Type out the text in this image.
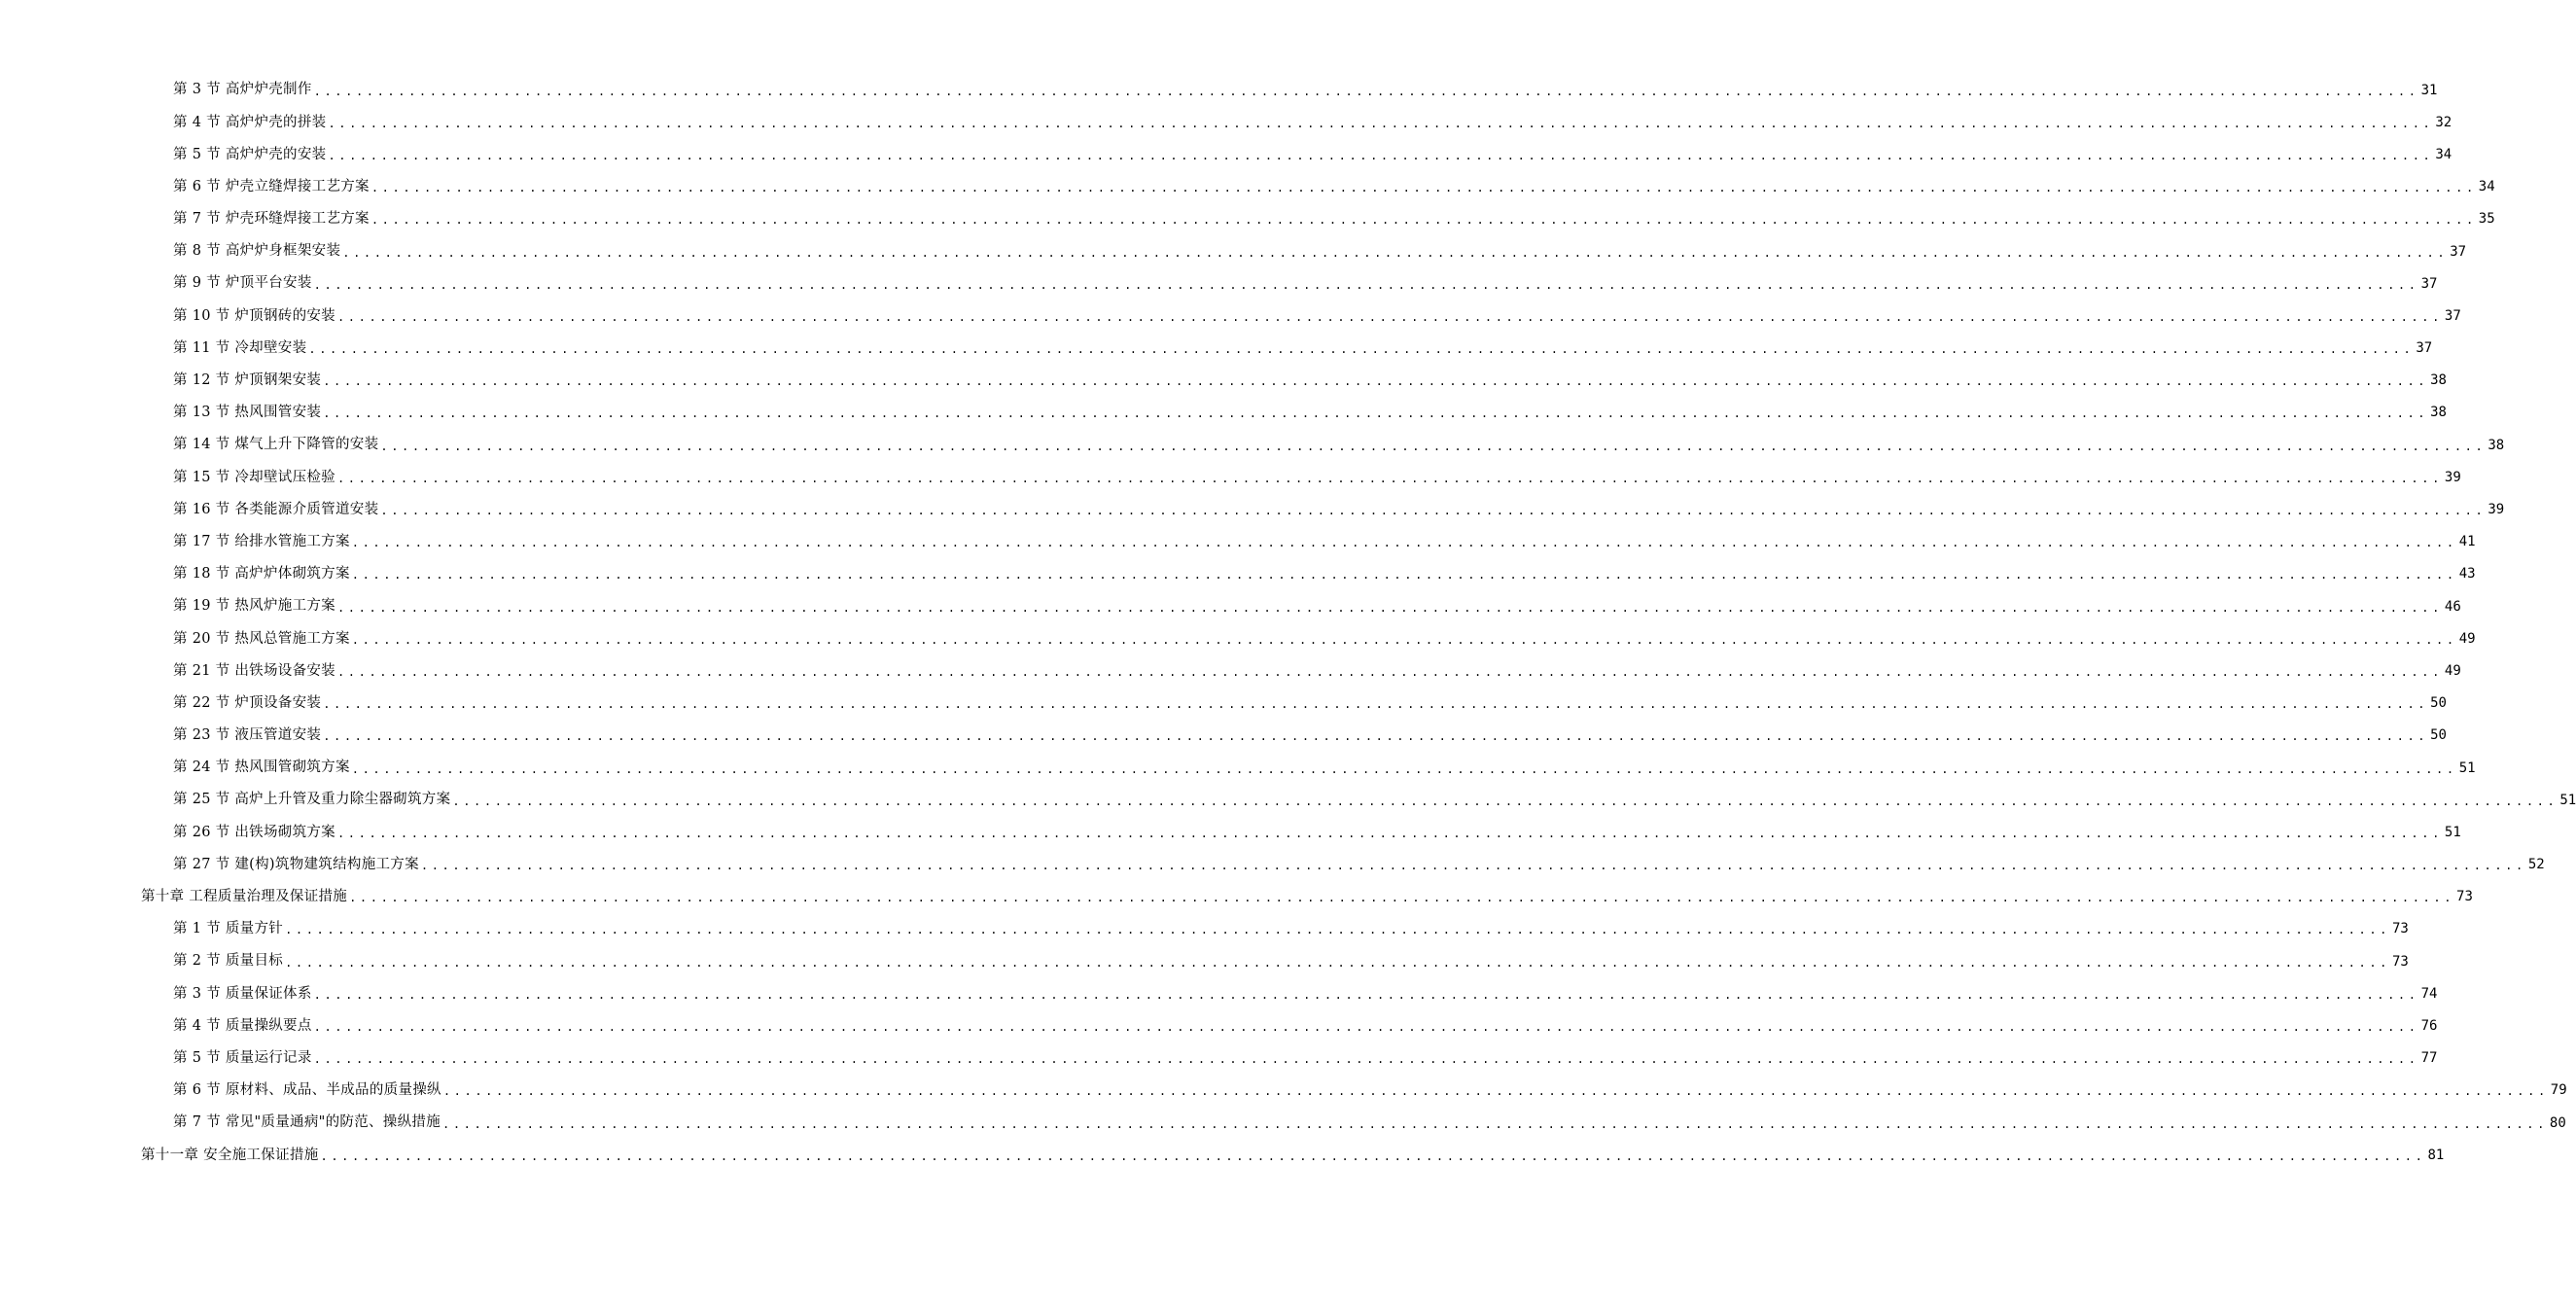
第 3 节 高炉炉壳制作 ........................................................................................................................................................................................................ 31
第 4 节 高炉炉壳的拼装 ........................................................................................................................................................................................................ 32
第 5 节 高炉炉壳的安装 ........................................................................................................................................................................................................ 34
第 6 节 炉壳立缝焊接工艺方案 ........................................................................................................................................................................................................ 34
第 7 节 炉壳环缝焊接工艺方案 ........................................................................................................................................................................................................ 35
第 8 节 高炉炉身框架安装 ........................................................................................................................................................................................................ 37
第 9 节 炉顶平台安装 ........................................................................................................................................................................................................ 37
第 10 节 炉顶钢砖的安装 ........................................................................................................................................................................................................ 37
第 11 节 冷却壁安装 ........................................................................................................................................................................................................ 37
第 12 节 炉顶钢架安装 ........................................................................................................................................................................................................ 38
第 13 节 热风围管安装 ........................................................................................................................................................................................................ 38
第 14 节 煤气上升下降管的安装 ........................................................................................................................................................................................................ 38
第 15 节 冷却壁试压检验 ........................................................................................................................................................................................................ 39
第 16 节 各类能源介质管道安装 ........................................................................................................................................................................................................ 39
第 17 节 给排水管施工方案 ........................................................................................................................................................................................................ 41
第 18 节 高炉炉体砌筑方案 ........................................................................................................................................................................................................ 43
第 19 节 热风炉施工方案 ........................................................................................................................................................................................................ 46
第 20 节 热风总管施工方案 ........................................................................................................................................................................................................ 49
第 21 节 出铁场设备安装 ........................................................................................................................................................................................................ 49
第 22 节 炉顶设备安装 ........................................................................................................................................................................................................ 50
第 23 节 液压管道安装 ........................................................................................................................................................................................................ 50
第 24 节 热风围管砌筑方案 ........................................................................................................................................................................................................ 51
第 25 节 高炉上升管及重力除尘器砌筑方案 ........................................................................................................................................................................................................ 51
第 26 节 出铁场砌筑方案 ........................................................................................................................................................................................................ 51
第 27 节 建(构)筑物建筑结构施工方案 ........................................................................................................................................................................................................ 52
第十章 工程质量治理及保证措施 ........................................................................................................................................................................................................ 73
第 1 节 质量方针 ........................................................................................................................................................................................................ 73
第 2 节 质量目标 ........................................................................................................................................................................................................ 73
第 3 节 质量保证体系 ........................................................................................................................................................................................................ 74
第 4 节 质量操纵要点 ........................................................................................................................................................................................................ 76
第 5 节 质量运行记录 ........................................................................................................................................................................................................ 77
第 6 节 原材料、成品、半成品的质量操纵 ........................................................................................................................................................................................................ 79
第 7 节 常见"质量通病"的防范、操纵措施 ........................................................................................................................................................................................................ 80
第十一章 安全施工保证措施 ........................................................................................................................................................................................................ 81
